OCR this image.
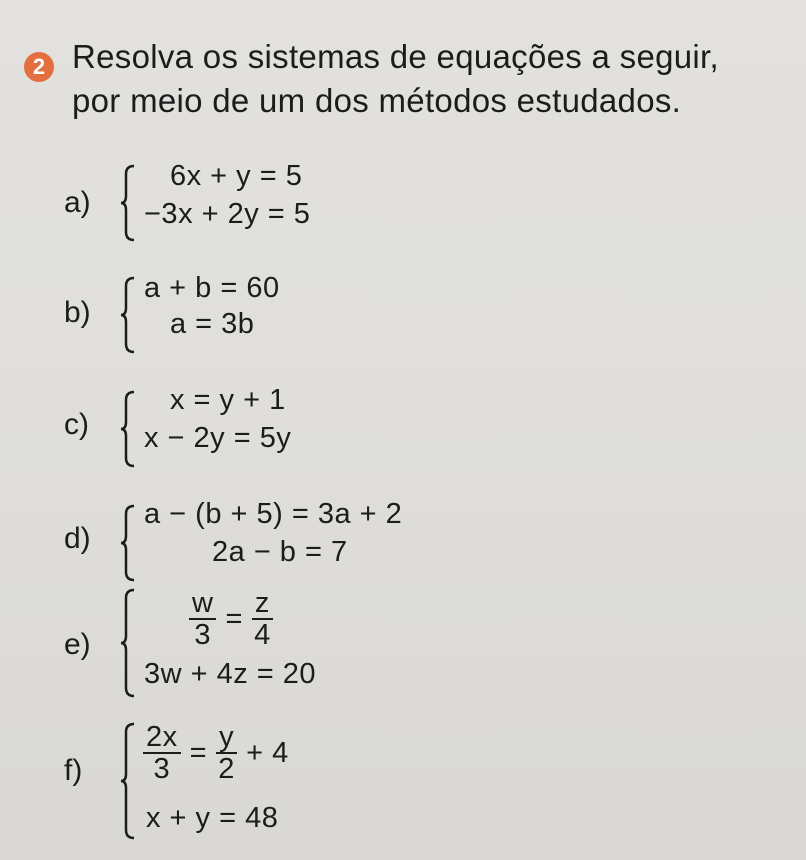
2 Resolva os sistemas de equações a seguir,
por meio de um dos métodos estudados.
a)
6x + y = 5
−3x + 2y = 5
b)
a + b = 60
a = 3b
c)
x = y + 1
x − 2y = 5y
d)
a − (b + 5) = 3a + 2
2a − b = 7
e)	$\frac{w}{3} = \frac{z}{4}$
3w + 4z = 20
$f) \frac{2x}{3} = \frac{y}{2} + 4$
x + y = 48
